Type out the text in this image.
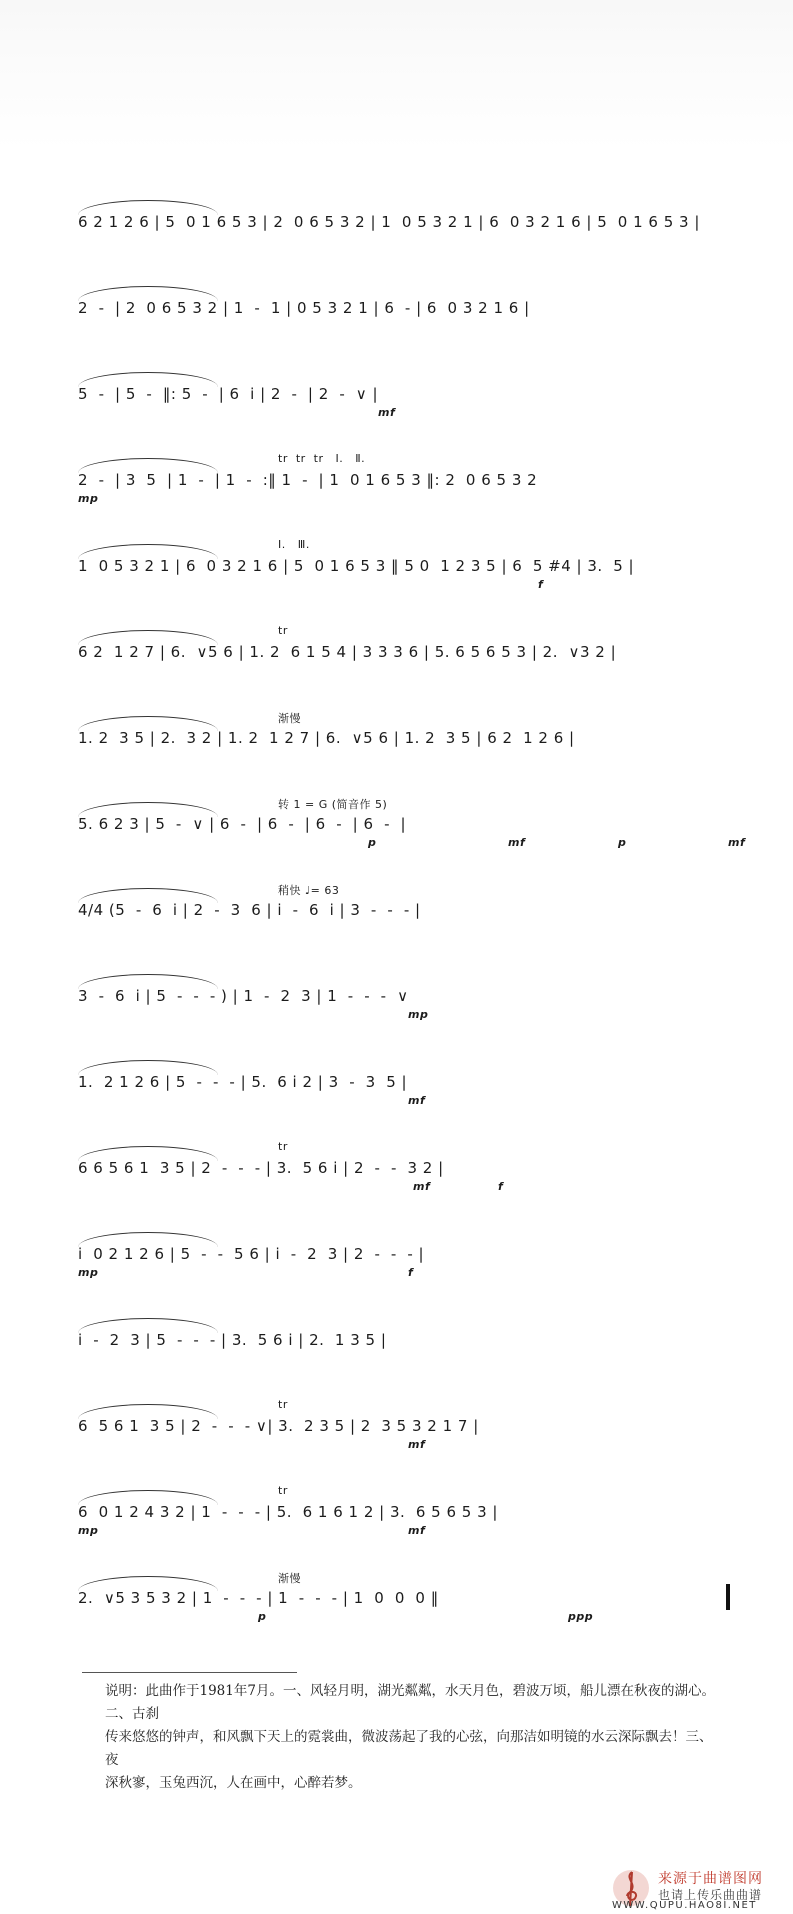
6 2 1 2 6 | 5  0 1 6 5 3 | 2  0 6 5 3 2 | 1  0 5 3 2 1 | 6  0 3 2 1 6 | 5  0 1 6 5 3 |
2  -  | 2  0 6 5 3 2 | 1  -  1 | 0 5 3 2 1 | 6  - | 6  0 3 2 1 6 |
5  -  | 5  -  ‖: 5  -  | 6  i | 2  -  | 2  -  ∨ |
mf
tr  tr  tr   Ⅰ.   Ⅱ.
2  -  | 3  5  | 1  -  | 1  -  :‖ 1  -  | 1  0 1 6 5 3 ‖: 2  0 6 5 3 2
mp
Ⅰ.   Ⅲ.
1  0 5 3 2 1 | 6  0 3 2 1 6 | 5  0 1 6 5 3 ‖ 5 0  1 2 3 5 | 6  5 #4 | 3.  5 |
f
tr
6 2  1 2 7 | 6.  ∨5 6 | 1. 2  6 1 5 4 | 3 3 3 6 | 5. 6 5 6 5 3 | 2.  ∨3 2 |
渐慢
1. 2  3 5 | 2.  3 2 | 1. 2  1 2 7 | 6.  ∨5 6 | 1. 2  3 5 | 6 2  1 2 6 |
转 1 = G (简音作 5)
5. 6 2 3 | 5  -  ∨ | 6  -  | 6  -  | 6  -  | 6  -  |
p	mf	p	mf
稍快 ♩= 63
4/4 (5  -  6  i | 2  -  3  6 | i  -  6  i | 3  -  -  - |
3  -  6  i | 5  -  -  - ) | 1  -  2  3 | 1  -  -  -  ∨
mp
1.  2 1 2 6 | 5  -  -  - | 5.  6 i 2 | 3  -  3  5 |
mf
tr
6 6 5 6 1  3 5 | 2  -  -  - | 3.  5 6 i | 2  -  -  3 2 |
mf	f
i  0 2 1 2 6 | 5  -  -  5 6 | i  -  2  3 | 2  -  -  - |
mp	f
i  -  2  3 | 5  -  -  - | 3.  5 6 i | 2.  1 3 5 |
tr
6  5 6 1  3 5 | 2  -  -  - ∨| 3.  2 3 5 | 2  3 5 3 2 1 7 |
mf
tr
6  0 1 2 4 3 2 | 1  -  -  - | 5.  6 1 6 1 2 | 3.  6 5 6 5 3 |
mp	mf
渐慢
2.  ∨5 3 5 3 2 | 1  -  -  - | 1  -  -  - | 1  0  0  0 ‖
p	ppp
说明：此曲作于1981年7月。一、风轻月明，湖光粼粼，水天月色，碧波万顷，船儿漂在秋夜的湖心。二、古刹
传来悠悠的钟声，和风飘下天上的霓裳曲，微波荡起了我的心弦，向那洁如明镜的水云深际飘去！三、夜
深秋寥，玉兔西沉，人在画中，心醉若梦。
来源于曲谱图网
也请上传乐曲曲谱
WWW.QUPU.HAO8I.NET
